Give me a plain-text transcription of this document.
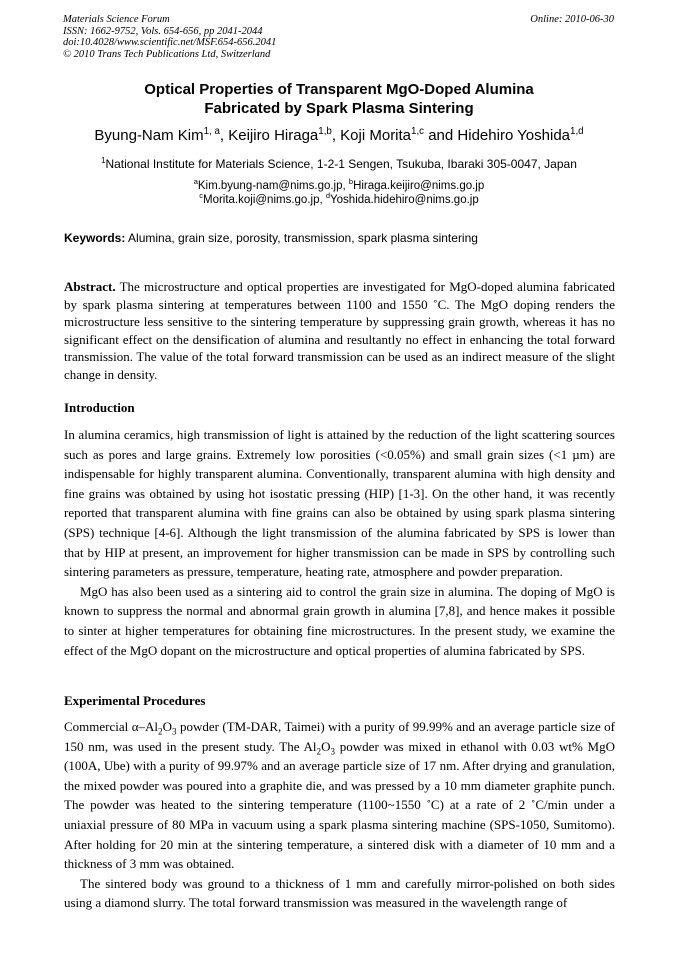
Materials Science Forum
ISSN: 1662-9752, Vols. 654-656, pp 2041-2044
doi:10.4028/www.scientific.net/MSF.654-656.2041
© 2010 Trans Tech Publications Ltd, Switzerland
Online: 2010-06-30
Optical Properties of Transparent MgO-Doped Alumina
Fabricated by Spark Plasma Sintering
Byung-Nam Kim$^{1, a}$, Keijiro Hiraga$^{1,b}$, Koji Morita$^{1,c}$ and Hidehiro Yoshida$^{1,d}$
$^1$National Institute for Materials Science, 1-2-1 Sengen, Tsukuba, Ibaraki 305-0047, Japan
$^a$Kim.byung-nam@nims.go.jp, $^b$Hiraga.keijiro@nims.go.jp
$^c$Morita.koji@nims.go.jp, $^d$Yoshida.hidehiro@nims.go.jp
Keywords: Alumina, grain size, porosity, transmission, spark plasma sintering
Abstract. The microstructure and optical properties are investigated for MgO-doped alumina fabricated by spark plasma sintering at temperatures between 1100 and 1550 ˚C. The MgO doping renders the microstructure less sensitive to the sintering temperature by suppressing grain growth, whereas it has no significant effect on the densification of alumina and resultantly no effect in enhancing the total forward transmission. The value of the total forward transmission can be used as an indirect measure of the slight change in density.
Introduction

In alumina ceramics, high transmission of light is attained by the reduction of the light scattering sources such as pores and large grains. Extremely low porosities (<0.05%) and small grain sizes (<1 µm) are indispensable for highly transparent alumina. Conventionally, transparent alumina with high density and fine grains was obtained by using hot isostatic pressing (HIP) [1-3]. On the other hand, it was recently reported that transparent alumina with fine grains can also be obtained by using spark plasma sintering (SPS) technique [4-6]. Although the light transmission of the alumina fabricated by SPS is lower than that by HIP at present, an improvement for higher transmission can be made in SPS by controlling such sintering parameters as pressure, temperature, heating rate, atmosphere and powder preparation.

MgO has also been used as a sintering aid to control the grain size in alumina. The doping of MgO is known to suppress the normal and abnormal grain growth in alumina [7,8], and hence makes it possible to sinter at higher temperatures for obtaining fine microstructures. In the present study, we examine the effect of the MgO dopant on the microstructure and optical properties of alumina fabricated by SPS.

Experimental Procedures

Commercial $\alpha-Al_2O_3$ powder (TM-DAR, Taimei) with a purity of 99.99% and an average particle size of 150 nm, was used in the present study. The $Al_2O_3$ powder was mixed in ethanol with 0.03 wt% MgO (100A, Ube) with a purity of 99.97% and an average particle size of 17 nm. After drying and granulation, the mixed powder was poured into a graphite die, and was pressed by a 10 mm diameter graphite punch. The powder was heated to the sintering temperature (1100~1550 ˚C) at a rate of 2 ˚C/min under a uniaxial pressure of 80 MPa in vacuum using a spark plasma sintering machine (SPS-1050, Sumitomo). After holding for 20 min at the sintering temperature, a sintered disk with a diameter of 10 mm and a thickness of 3 mm was obtained.

The sintered body was ground to a thickness of 1 mm and carefully mirror-polished on both sides using a diamond slurry. The total forward transmission was measured in the wavelength range of
